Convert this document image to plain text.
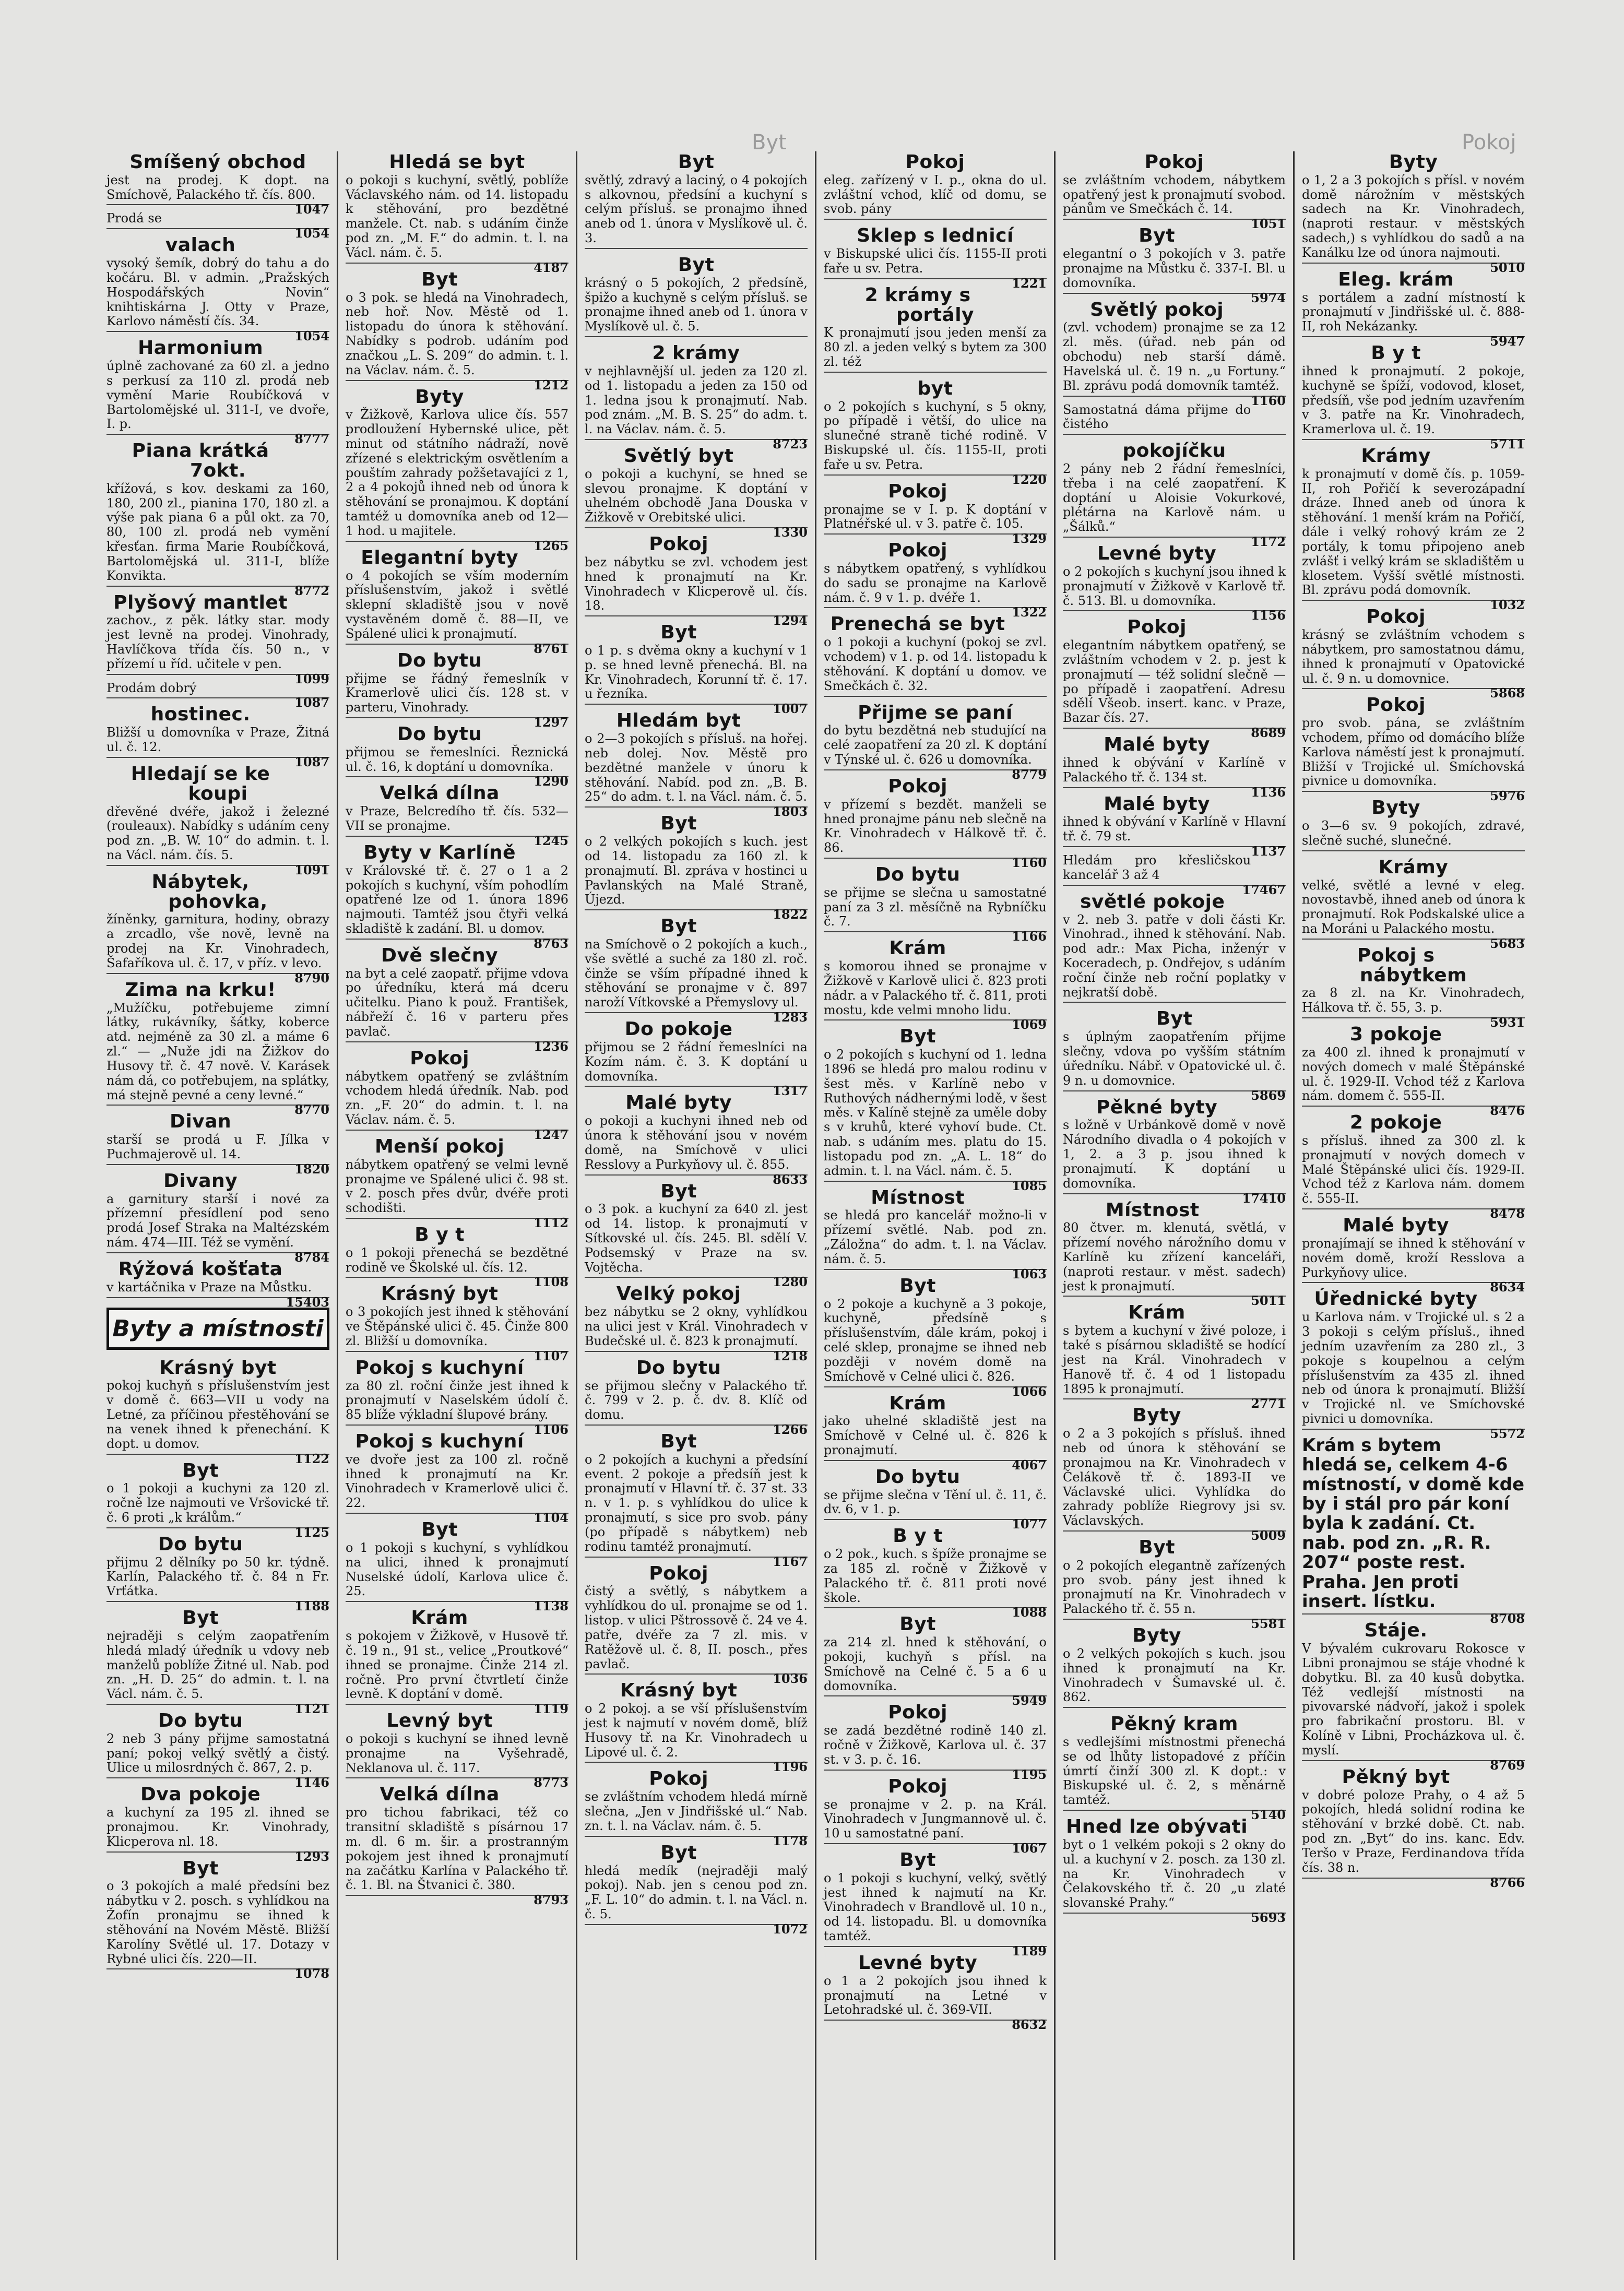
Byt	Pokoj
Smíšený obchod
jest na prodej. K dopt. na Smíchově, Palackého tř. čís. 800.
1047
Prodá se
1054
valach
vysoký šemík, dobrý do tahu a do kočáru. Bl. v admin. „Pražských Hospodářských Novin“ knihtiskárna J. Otty v Praze, Karlovo náměstí čís. 34.
1054
Harmonium
úplně zachované za 60 zl. a jedno s perkusí za 110 zl. prodá neb vymění Marie Roubíčková v Bartolomějské ul. 311-I, ve dvoře, I. p.
8777
Piana krátká 7okt.
křížová, s kov. deskami za 160, 180, 200 zl., pianina 170, 180 zl. a výše pak piana 6 a půl okt. za 70, 80, 100 zl. prodá neb vymění křesťan. firma Marie Roubíčková, Bartolomějská ul. 311-I, blíže Konvikta.
8772
Plyšový mantlet
zachov., z pěk. látky star. mody jest levně na prodej. Vinohrady, Havlíčkova třída čís. 50 n., v přízemí u říd. učitele v pen.
1099
Prodám dobrý
1087
hostinec.
Bližší u domovníka v Praze, Žitná ul. č. 12.
1087
Hledají se ke koupi
dřevěné dvéře, jakož i železné (rouleaux). Nabídky s udáním ceny pod zn. „B. W. 10“ do admin. t. l. na Václ. nám. čís. 5.
1091
Nábytek, pohovka,
žíněnky, garnitura, hodiny, obrazy a zrcadlo, vše nově, levně na prodej na Kr. Vinohradech, Šafaříkova ul. č. 17, v příz. v levo.
8790
Zima na krku!
„Mužíčku, potřebujeme zimní látky, rukávníky, šátky, koberce atd. nejméně za 30 zl. a máme 6 zl.“ — „Nuže jdi na Žižkov do Husovy tř. č. 47 nově. V. Karásek nám dá, co potřebujem, na splátky, má stejně pevné a ceny levné.“
8770
Divan
starší se prodá u F. Jílka v Puchmajerově ul. 14.
1820
Divany
a garnitury starší i nové za přízemní přesídlení pod seno prodá Josef Straka na Maltézském nám. 474—III. Též se vymění.
8784
Rýžová košťata
v kartáčnika v Praze na Můstku.
15403
Byty a místnosti
Krásný byt
pokoj kuchyň s příslušenstvím jest v domě č. 663—VII u vody na Letné, za příčinou přestěhování se na venek ihned k přenechání. K dopt. u domov.
1122
Byt
o 1 pokoji a kuchyni za 120 zl. ročně lze najmouti ve Vršovické tř. č. 6 proti „k králům.“
1125
Do bytu
přijmu 2 dělníky po 50 kr. týdně. Karlín, Palackého tř. č. 84 n Fr. Vrťátka.
1188
Byt
nejraději s celým zaopatřením hledá mladý úředník u vdovy neb manželů poblíže Žitné ul. Nab. pod zn. „H. D. 25“ do admin. t. l. na Václ. nám. č. 5.
1121
Do bytu
2 neb 3 pány přijme samostatná paní; pokoj velký světlý a čistý. Ulice u milosrdných č. 867, 2. p.
1146
Dva pokoje
a kuchyní za 195 zl. ihned se pronajmou. Kr. Vinohrady, Klicperova nl. 18.
1293
Byt
o 3 pokojích a malé předsíni bez nábytku v 2. posch. s vyhlídkou na Žofín pronajmu se ihned k stěhování na Novém Městě. Bližší Karolíny Světlé ul. 17. Dotazy v Rybné ulici čís. 220—II.
1078
Hledá se byt
o pokoji s kuchyní, světlý, poblíže Václavského nám. od 14. listopadu k stěhování, pro bezdětné manžele. Ct. nab. s udáním činže pod zn. „M. F.“ do admin. t. l. na Václ. nám. č. 5.
4187
Byt
o 3 pok. se hledá na Vinohradech, neb hoř. Nov. Městě od 1. listopadu do února k stěhování. Nabídky s podrob. udáním pod značkou „L. S. 209“ do admin. t. l. na Václav. nám. č. 5.
1212
Byty
v Žižkově, Karlova ulice čís. 557 prodloužení Hybernské ulice, pět minut od státního nádraží, nově zřízené s elektrickým osvětlením a pouštím zahrady požšetavajíci z 1, 2 a 4 pokojů ihned neb od února k stěhování se pronajmou. K doptání tamtéž u domovníka aneb od 12—1 hod. u majitele.
1265
Elegantní byty
o 4 pokojích se vším moderním příslušenstvím, jakož i světlé sklepní skladiště jsou v nově vystavěném domě č. 88—II, ve Spálené ulici k pronajmutí.
8761
Do bytu
přijme se řádný řemeslník v Kramerlově ulici čís. 128 st. v parteru, Vinohrady.
1297
Do bytu
přijmou se řemeslníci. Řeznická ul. č. 16, k doptání u domovníka.
1290
Velká dílna
v Praze, Belcredího tř. čís. 532—VII se pronajme.
1245
Byty v Karlíně
v Královské tř. č. 27 o 1 a 2 pokojích s kuchyní, vším pohodlím opatřené lze od 1. února 1896 najmouti. Tamtéž jsou čtyři velká skladiště k zadání. Bl. u domov.
8763
Dvě slečny
na byt a celé zaopatř. přijme vdova po úředníku, která má dceru učitelku. Piano k použ. František, nábřeží č. 16 v parteru přes pavlač.
1236
Pokoj
nábytkem opatřený se zvláštním vchodem hledá úředník. Nab. pod zn. „F. 20“ do admin. t. l. na Václav. nám. č. 5.
1247
Menší pokoj
nábytkem opatřený se velmi levně pronajme ve Spálené ulici č. 98 st. v 2. posch přes dvůr, dvéře proti schodišti.
1112
B y t
o 1 pokoji přenechá se bezdětné rodině ve Školské ul. čís. 12.
1108
Krásný byt
o 3 pokojích jest ihned k stěhování ve Štěpánské ulici č. 45. Činže 800 zl. Bližší u domovníka.
1107
Pokoj s kuchyní
za 80 zl. roční činže jest ihned k pronajmutí v Naselském údolí č. 85 blíže výkladní šlupové brány.
1106
Pokoj s kuchyní
ve dvoře jest za 100 zl. ročně ihned k pronajmutí na Kr. Vinohradech v Kramerlově ulici č. 22.
1104
Byt
o 1 pokoji s kuchyní, s vyhlídkou na ulici, ihned k pronajmutí Nuselské údolí, Karlova ulice č. 25.
1138
Krám
s pokojem v Žižkově, v Husově tř. č. 19 n., 91 st., velice „Proutkové“ ihned se pronajme. Činže 214 zl. ročně. Pro první čtvrtletí činže levně. K doptání v domě.
1119
Levný byt
o pokoji s kuchyní se ihned levně pronajme na Vyšehradě, Neklanova ul. č. 117.
8773
Velká dílna
pro tichou fabrikaci, též co transitní skladiště s písárnou 17 m. dl. 6 m. šir. a prostranným pokojem jest ihned k pronajmutí na začátku Karlína v Palackého tř. č. 1. Bl. na Štvanici č. 380.
8793
Byt
světlý, zdravý a laciný, o 4 pokojích s alkovnou, předsíní a kuchyní s celým přísluš. se pronajmo ihned aneb od 1. února v Myslíkově ul. č. 3.
Byt
krásný o 5 pokojích, 2 předsíně, špižo a kuchyně s celým přísluš. se pronajme ihned aneb od 1. února v Myslíkově ul. č. 5.
2 krámy
v nejhlavnější ul. jeden za 120 zl. od 1. listopadu a jeden za 150 od 1. ledna jsou k pronajmutí. Nab. pod znám. „M. B. S. 25“ do adm. t. l. na Václav. nám. č. 5.
8723
Světlý byt
o pokoji a kuchyní, se hned se slevou pronajme. K doptání v uhelném obchodě Jana Douska v Žižkově v Orebitské ulici.
1330
Pokoj
bez nábytku se zvl. vchodem jest hned k pronajmutí na Kr. Vinohradech v Klicperově ul. čís. 18.
1294
Byt
o 1 p. s dvěma okny a kuchyní v 1 p. se hned levně přenechá. Bl. na Kr. Vinohradech, Korunní tř. č. 17. u řezníka.
1007
Hledám byt
o 2—3 pokojích s přísluš. na hořej. neb dolej. Nov. Městě pro bezdětné manžele v únoru k stěhování. Nabíd. pod zn. „B. B. 25“ do adm. t. l. na Václ. nám. č. 5.
1803
Byt
o 2 velkých pokojích s kuch. jest od 14. listopadu za 160 zl. k pronajmutí. Bl. zpráva v hostinci u Pavlanských na Malé Straně, Újezd.
1822
Byt
na Smíchově o 2 pokojích a kuch., vše světlé a suché za 180 zl. roč. činže se vším případné ihned k stěhování se pronajme v č. 897 naroží Vítkovské a Přemyslovy ul.
1283
Do pokoje
přijmou se 2 řádní řemeslníci na Kozím nám. č. 3. K doptání u domovníka.
1317
Malé byty
o pokoji a kuchyni ihned neb od února k stěhování jsou v novém domě, na Smíchově v ulici Resslovy a Purkyňovy ul. č. 855.
8633
Byt
o 3 pok. a kuchyní za 640 zl. jest od 14. listop. k pronajmutí v Sítkovské ul. čís. 245. Bl. sdělí V. Podsemský v Praze na sv. Vojtěcha.
1280
Velký pokoj
bez nábytku se 2 okny, vyhlídkou na ulici jest v Král. Vinohradech v Budečské ul. č. 823 k pronajmutí.
1218
Do bytu
se přijmou slečny v Palackého tř. č. 799 v 2. p. č. dv. 8. Klíč od domu.
1266
Byt
o 2 pokojích a kuchyni a předsíní event. 2 pokoje a předsíň jest k pronajmutí v Hlavní tř. č. 37 st. 33 n. v 1. p. s vyhlídkou do ulice k pronajmutí, s sice pro svob. pány (po případě s nábytkem) neb rodinu tamtéž pronajmutí.
1167
Pokoj
čistý a světlý, s nábytkem a vyhlídkou do ul. pronajme se od 1. listop. v ulici Pštrossově č. 24 ve 4. patře, dvéře za 7 zl. mis. v Ratěžově ul. č. 8, II. posch., přes pavlač.
1036
Krásný byt
o 2 pokoj. a se vší příslušenstvím jest k najmutí v novém domě, blíž Husovy tř. na Kr. Vinohradech u Lipové ul. č. 2.
1196
Pokoj
se zvláštním vchodem hledá mírně slečna, „Jen v Jindřišské ul.“ Nab. zn. t. l. na Václav. nám. č. 5.
1178
Byt
hledá medík (nejraději malý pokoj). Nab. jen s cenou pod zn. „F. L. 10“ do admin. t. l. na Václ. n. č. 5.
1072
Pokoj
eleg. zařízený v I. p., okna do ul. zvláštní vchod, klíč od domu, se svob. pány
Sklep s lednicí
v Biskupské ulici čís. 1155-II proti faře u sv. Petra.
1221
2 krámy s portály
K pronajmutí jsou jeden menší za 80 zl. a jeden velký s bytem za 300 zl. též
byt
o 2 pokojích s kuchyní, s 5 okny, po případě i větší, do ulice na slunečné straně tiché rodině. V Biskupské ul. čís. 1155-II, proti faře u sv. Petra.
1220
Pokoj
pronajme se v I. p. K doptání v Platnéřské ul. v 3. patře č. 105.
1329
Pokoj
s nábytkem opatřený, s vyhlídkou do sadu se pronajme na Karlově nám. č. 9 v 1. p. dvéře 1.
1322
Prenechá se byt
o 1 pokoji a kuchyní (pokoj se zvl. vchodem) v 1. p. od 14. listopadu k stěhování. K doptání u domov. ve Smečkách č. 32.
Přijme se paní
do bytu bezdětná neb studující na celé zaopatření za 20 zl. K doptání v Týnské ul. č. 626 u domovníka.
8779
Pokoj
v přízemí s bezdět. manželi se hned pronajme pánu neb slečně na Kr. Vinohradech v Hálkově tř. č. 86.
1160
Do bytu
se přijme se slečna u samostatné paní za 3 zl. měsíčně na Rybníčku č. 7.
1166
Krám
s komorou ihned se pronajme v Žižkově v Karlově ulici č. 823 proti nádr. a v Palackého tř. č. 811, proti mostu, kde velmi mnoho lidu.
1069
Byt
o 2 pokojích s kuchyní od 1. ledna 1896 se hledá pro malou rodinu v šest měs. v Karlíně nebo v Ruthových nádhernými lodě, v šest měs. v Kalíně stejně za uměle doby s v kruhů, které vyhoví bude. Ct. nab. s udáním mes. platu do 15. listopadu pod zn. „A. L. 18“ do admin. t. l. na Václ. nám. č. 5.
1085
Místnost
se hledá pro kancelář možno-li v přízemí světlé. Nab. pod zn. „Záložna“ do adm. t. l. na Václav. nám. č. 5.
1063
Byt
o 2 pokoje a kuchyně a 3 pokoje, kuchyně, předsíně s příslušenstvím, dále krám, pokoj i celé sklep, pronajme se ihned neb později v novém domě na Smíchově v Celné ulici č. 826.
1066
Krám
jako uhelné skladiště jest na Smíchově v Celné ul. č. 826 k pronajmutí.
4067
Do bytu
se přijme slečna v Tění ul. č. 11, č. dv. 6, v 1. p.
1077
B y t
o 2 pok., kuch. s špíže pronajme se za 185 zl. ročně v Žižkově v Palackého tř. č. 811 proti nové škole.
1088
Byt
za 214 zl. hned k stěhování, o pokoji, kuchyň s přísl. na Smíchově na Celné č. 5 a 6 u domovníka.
5949
Pokoj
se zadá bezdětné rodině 140 zl. ročně v Žižkově, Karlova ul. č. 37 st. v 3. p. č. 16.
1195
Pokoj
se pronajme v 2. p. na Král. Vinohradech v Jungmannově ul. č. 10 u samostatné paní.
1067
Byt
o 1 pokoji s kuchyní, velký, světlý jest ihned k najmutí na Kr. Vinohradech v Brandlově ul. 10 n., od 14. listopadu. Bl. u domovníka tamtéž.
1189
Levné byty
o 1 a 2 pokojích jsou ihned k pronajmutí na Letné v Letohradské ul. č. 369-VII.
8632
Pokoj
se zvláštním vchodem, nábytkem opatřený jest k pronajmutí svobod. pánům ve Smečkách č. 14.
1051
Byt
elegantní o 3 pokojích v 3. patře pronajme na Můstku č. 337-I. Bl. u domovníka.
5974
Světlý pokoj
(zvl. vchodem) pronajme se za 12 zl. měs. (úřad. neb pán od obchodu) neb starší dámě. Havelská ul. č. 19 n. „u Fortuny.“ Bl. zprávu podá domovník tamtéž.
1160
Samostatná dáma přijme do čistého
pokojíčku
2 pány neb 2 řádní řemeslníci, třeba i na celé zaopatření. K doptání u Aloisie Vokurkové, plétárna na Karlově nám. u „Šálků.“
1172
Levné byty
o 2 pokojích s kuchyní jsou ihned k pronajmutí v Žižkově v Karlově tř. č. 513. Bl. u domovníka.
1156
Pokoj
elegantním nábytkem opatřený, se zvláštním vchodem v 2. p. jest k pronajmutí — též solidní slečně — po případě i zaopatření. Adresu sdělí Všeob. insert. kanc. v Praze, Bazar čís. 27.
8689
Malé byty
ihned k obývání v Karlíně v Palackého tř. č. 134 st.
1136
Malé byty
ihned k obývání v Karlíně v Hlavní tř. č. 79 st.
1137
Hledám pro křesličskou kancelář 3 až 4
17467
světlé pokoje
v 2. neb 3. patře v doli části Kr. Vinohrad., ihned k stěhování. Nab. pod adr.: Max Picha, inženýr v Koceradech, p. Ondřejov, s udáním roční činže neb roční poplatky v nejkratší době.
Byt
s úplným zaopatřením přijme slečny, vdova po vyšším státním úředníku. Nábř. v Opatovické ul. č. 9 n. u domovnice.
5869
Pěkné byty
s ložně v Urbánkově domě v nově Národního divadla o 4 pokojích v 1, 2. a 3 p. jsou ihned k pronajmutí. K doptání u domovníka.
17410
Místnost
80 čtver. m. klenutá, světlá, v přízemí nového nárožního domu v Karlíně ku zřízení kanceláři, (naproti restaur. v měst. sadech) jest k pronajmutí.
5011
Krám
s bytem a kuchyní v živé poloze, i také s písárnou skladiště se hodící jest na Král. Vinohradech v Hanově tř. č. 4 od 1 listopadu 1895 k pronajmutí.
2771
Byty
o 2 a 3 pokojích s přísluš. ihned neb od února k stěhování se pronajmou na Kr. Vinohradech v Čelákově tř. č. 1893-II ve Václavské ulici. Vyhlídka do zahrady poblíže Riegrovy jsi sv. Václavských.
5009
Byt
o 2 pokojích elegantně zařízených pro svob. pány jest ihned k pronajmutí na Kr. Vinohradech v Palackého tř. č. 55 n.
5581
Byty
o 2 velkých pokojích s kuch. jsou ihned k pronajmutí na Kr. Vinohradech v Šumavské ul. č. 862.
Pěkný kram
s vedlejšími místnostmi přenechá se od lhůty listopadové z příčin úmrtí činží 300 zl. K dopt.: v Biskupské ul. č. 2, s měnárně tamtéž.
5140
Hned lze obývati
byt o 1 velkém pokoji s 2 okny do ul. a kuchyní v 2. posch. za 130 zl. na Kr. Vinohradech v Čelakovského tř. č. 20 „u zlaté slovanské Prahy.“
5693
Byty
o 1, 2 a 3 pokojích s přísl. v novém domě nárožním v městských sadech na Kr. Vinohradech, (naproti restaur. v městských sadech,) s vyhlídkou do sadů a na Kanálku lze od února najmouti.
5010
Eleg. krám
s portálem a zadní místností k pronajmutí v Jindřišské ul. č. 888-II, roh Nekázanky.
5947
B y t
ihned k pronajmutí. 2 pokoje, kuchyně se špíží, vodovod, kloset, předsíň, vše pod jedním uzavřením v 3. patře na Kr. Vinohradech, Kramerlova ul. č. 19.
5711
Krámy
k pronajmutí v domě čís. p. 1059-II, roh Pořičí k severozápadní dráze. Ihned aneb od února k stěhování. 1 menší krám na Pořičí, dále i velký rohový krám ze 2 portály, k tomu připojeno aneb zvlášť i velký krám se skladištěm u klosetem. Vyšší světlé místnosti. Bl. zprávu podá domovník.
1032
Pokoj
krásný se zvláštním vchodem s nábytkem, pro samostatnou dámu, ihned k pronajmutí v Opatovické ul. č. 9 n. u domovnice.
5868
Pokoj
pro svob. pána, se zvláštním vchodem, přímo od domácího blíže Karlova náměstí jest k pronajmutí. Bližší v Trojické ul. Smíchovská pivnice u domovníka.
5976
Byty
o 3—6 sv. 9 pokojích, zdravé, slečně suché, slunečné.
Krámy
velké, světlé a levné v eleg. novostavbě, ihned aneb od února k pronajmutí. Rok Podskalské ulice a na Moráni u Palackého mostu.
5683
Pokoj s nábytkem
za 8 zl. na Kr. Vinohradech, Hálkova tř. č. 55, 3. p.
5931
3 pokoje
za 400 zl. ihned k pronajmutí v nových domech v malé Štěpánské ul. č. 1929-II. Vchod též z Karlova nám. domem č. 555-II.
8476
2 pokoje
s přísluš. ihned za 300 zl. k pronajmutí v nových domech v Malé Štěpánské ulici čís. 1929-II. Vchod též z Karlova nám. domem č. 555-II.
8478
Malé byty
pronajímají se ihned k stěhování v novém domě, kroží Resslova a Purkyňovy ulice.
8634
Úřednické byty
u Karlova nám. v Trojické ul. s 2 a 3 pokoji s celým přísluš., ihned jedním uzavřením za 280 zl., 3 pokoje s koupelnou a celým příslušenstvím za 435 zl. ihned neb od února k pronajmutí. Bližší v Trojické nl. ve Smíchovské pivnici u domovníka.
5572
Krám s bytem hledá se, celkem 4-6 místností, v domě kde by i stál pro pár koní byla k zadání. Ct. nab. pod zn. „R. R. 207“ poste rest. Praha. Jen proti insert. lístku.
8708
Stáje.
V bývalém cukrovaru Rokosce v Libni pronajmou se stáje vhodné k dobytku. Bl. za 40 kusů dobytka. Též vedlejší místnosti na pivovarské nádvoří, jakož i spolek pro fabrikační prostoru. Bl. v Kolíně v Libni, Procházkova ul. č. myslí.
8769
Pěkný byt
v dobré poloze Prahy, o 4 až 5 pokojích, hledá solidní rodina ke stěhování v brzké době. Ct. nab. pod zn. „Byt“ do ins. kanc. Edv. Teršo v Praze, Ferdinandova třída čís. 38 n.
8766
